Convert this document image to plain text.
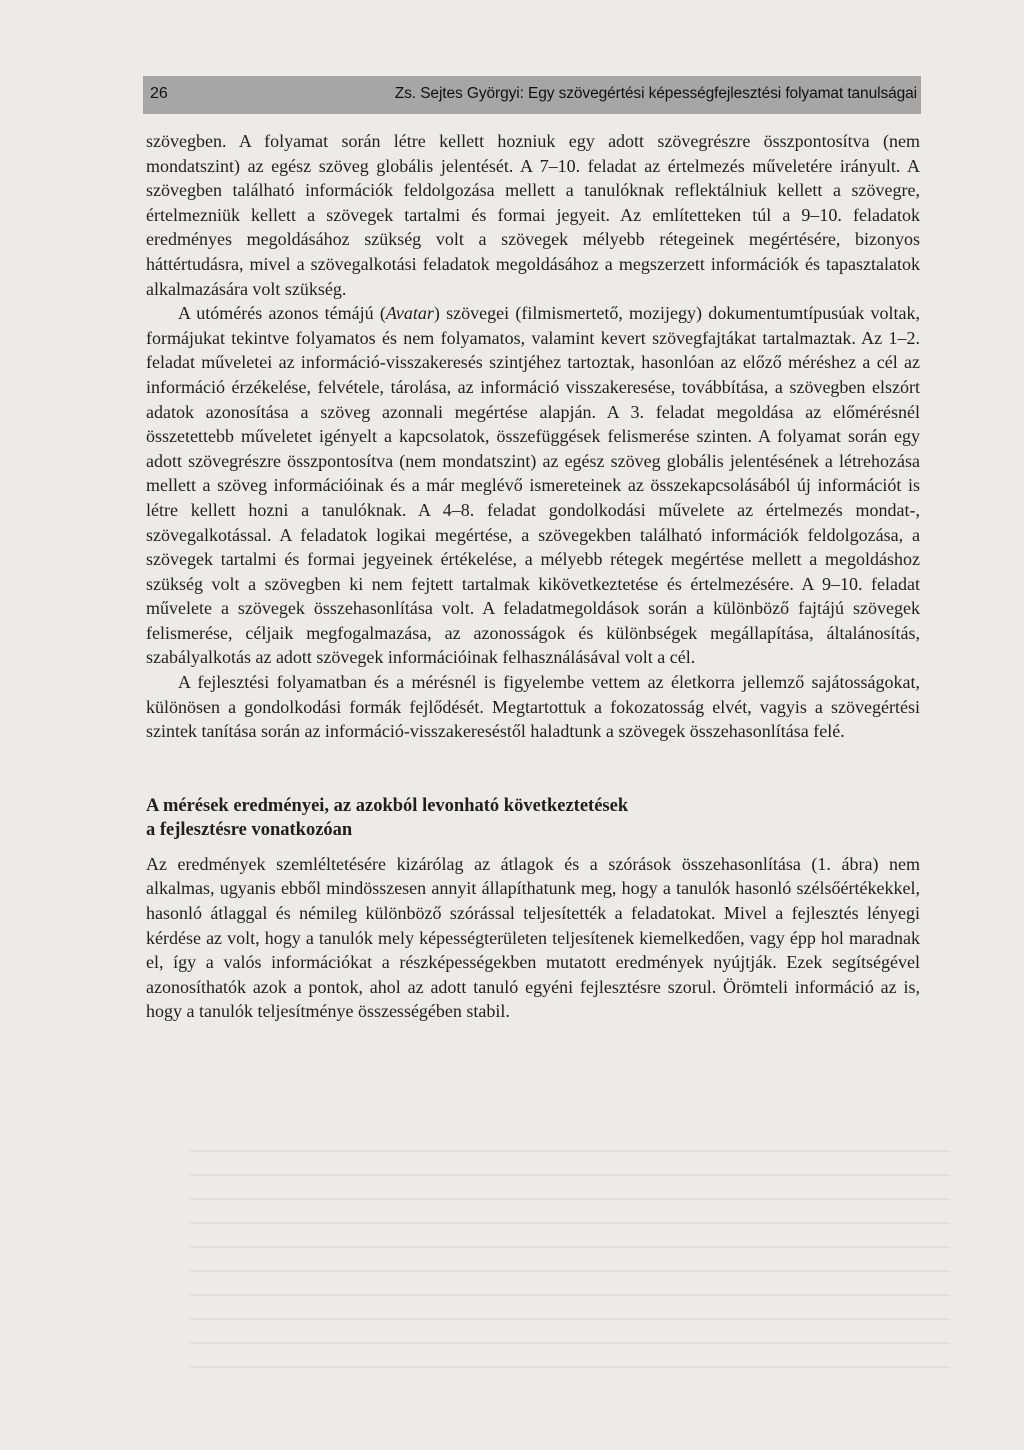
26	Zs. Sejtes Györgyi: Egy szövegértési képességfejlesztési folyamat tanulságai

szövegben. A folyamat során létre kellett hozniuk egy adott szövegrészre összpontosítva (nem mondatszint) az egész szöveg globális jelentését. A 7–10. feladat az értelmezés műveletére irányult. A szövegben található információk feldolgozása mellett a tanulóknak reflektálniuk kellett a szövegre, értelmezniük kellett a szövegek tartalmi és formai jegyeit. Az említetteken túl a 9–10. feladatok eredményes megoldásához szükség volt a szövegek mélyebb rétegeinek megértésére, bizonyos háttértudásra, mivel a szövegalkotási feladatok megoldásához a megszerzett információk és tapasztalatok alkalmazására volt szükség.

A utómérés azonos témájú (Avatar) szövegei (filmismertető, mozijegy) dokumentumtípusúak voltak, formájukat tekintve folyamatos és nem folyamatos, valamint kevert szövegfajtákat tartalmaztak. Az 1–2. feladat műveletei az információ-visszakeresés szintjéhez tartoztak, hasonlóan az előző méréshez a cél az információ érzékelése, felvétele, tárolása, az információ visszakeresése, továbbítása, a szövegben elszórt adatok azonosítása a szöveg azonnali megértése alapján. A 3. feladat megoldása az előmérésnél összetettebb műveletet igényelt a kapcsolatok, összefüggések felismerése szinten. A folyamat során egy adott szövegrészre összpontosítva (nem mondatszint) az egész szöveg globális jelentésének a létrehozása mellett a szöveg információinak és a már meglévő ismereteinek az összekapcsolásából új információt is létre kellett hozni a tanulóknak. A 4–8. feladat gondolkodási művelete az értelmezés mondat-, szövegalkotással. A feladatok logikai megértése, a szövegekben található információk feldolgozása, a szövegek tartalmi és formai jegyeinek értékelése, a mélyebb rétegek megértése mellett a megoldáshoz szükség volt a szövegben ki nem fejtett tartalmak kikövetkeztetése és értelmezésére. A 9–10. feladat művelete a szövegek összehasonlítása volt. A feladatmegoldások során a különböző fajtájú szövegek felismerése, céljaik megfogalmazása, az azonosságok és különbségek megállapítása, általánosítás, szabályalkotás az adott szövegek információinak felhasználásával volt a cél.

A fejlesztési folyamatban és a mérésnél is figyelembe vettem az életkorra jellemző sajátosságokat, különösen a gondolkodási formák fejlődését. Megtartottuk a fokozatosság elvét, vagyis a szövegértési szintek tanítása során az információ-visszakereséstől haladtunk a szövegek összehasonlítása felé.

A mérések eredményei, az azokból levonható következtetések
a fejlesztésre vonatkozóan

Az eredmények szemléltetésére kizárólag az átlagok és a szórások összehasonlítása (1. ábra) nem alkalmas, ugyanis ebből mindösszesen annyit állapíthatunk meg, hogy a tanulók hasonló szélsőértékekkel, hasonló átlaggal és némileg különböző szórással teljesítették a feladatokat. Mivel a fejlesztés lényegi kérdése az volt, hogy a tanulók mely képességterületen teljesítenek kiemelkedően, vagy épp hol maradnak el, így a valós információkat a részképességekben mutatott eredmények nyújtják. Ezek segítségével azonosíthatók azok a pontok, ahol az adott tanuló egyéni fejlesztésre szorul. Örömteli információ az is, hogy a tanulók teljesítménye összességében stabil.
